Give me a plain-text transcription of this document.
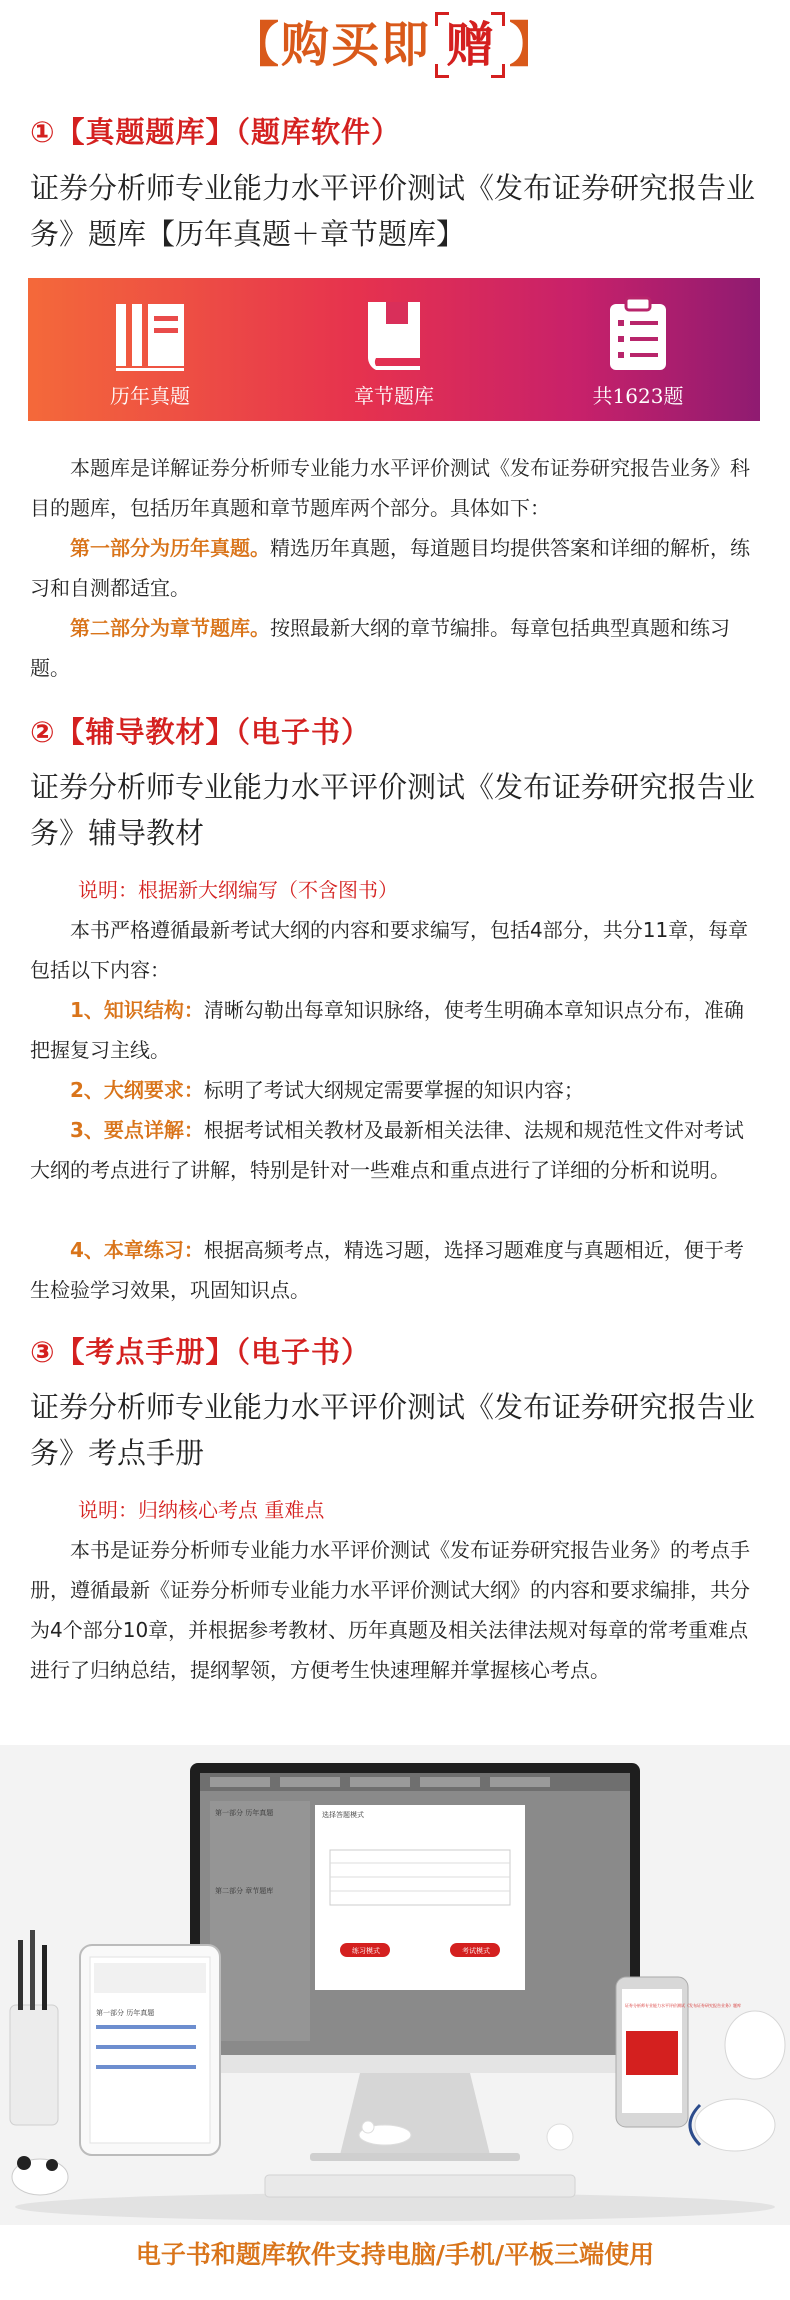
【购买即 赠 】
①【真题题库】（题库软件）
证券分析师专业能力水平评价测试《发布证券研究报告业务》题库【历年真题＋章节题库】
历年真题	章节题库	共1623题
本题库是详解证券分析师专业能力水平评价测试《发布证券研究报告业务》科目的题库，包括历年真题和章节题库两个部分。具体如下：
第一部分为历年真题。精选历年真题，每道题目均提供答案和详细的解析，练习和自测都适宜。
第二部分为章节题库。按照最新大纲的章节编排。每章包括典型真题和练习题。
②【辅导教材】（电子书）
证券分析师专业能力水平评价测试《发布证券研究报告业务》辅导教材
说明：根据新大纲编写（不含图书）
本书严格遵循最新考试大纲的内容和要求编写，包括4部分，共分11章，每章包括以下内容：
1、知识结构：清晰勾勒出每章知识脉络，使考生明确本章知识点分布，准确把握复习主线。
2、大纲要求：标明了考试大纲规定需要掌握的知识内容；
3、要点详解：根据考试相关教材及最新相关法律、法规和规范性文件对考试大纲的考点进行了讲解，特别是针对一些难点和重点进行了详细的分析和说明。
4、本章练习：根据高频考点，精选习题，选择习题难度与真题相近，便于考生检验学习效果，巩固知识点。
③【考点手册】（电子书）
证券分析师专业能力水平评价测试《发布证券研究报告业务》考点手册
说明：归纳核心考点 重难点
本书是证券分析师专业能力水平评价测试《发布证券研究报告业务》的考点手册，遵循最新《证券分析师专业能力水平评价测试大纲》的内容和要求编排，共分为4个部分10章，并根据参考教材、历年真题及相关法律法规对每章的常考重难点进行了归纳总结，提纲挈领，方便考生快速理解并掌握核心考点。
第一部分 历年真题
第二部分 章节题库
选择答题模式
练习模式	考试模式
第一部分 历年真题
证券分析师专业能力水平评价测试《发布证券研究报告业务》题库
电子书和题库软件支持电脑/手机/平板三端使用
